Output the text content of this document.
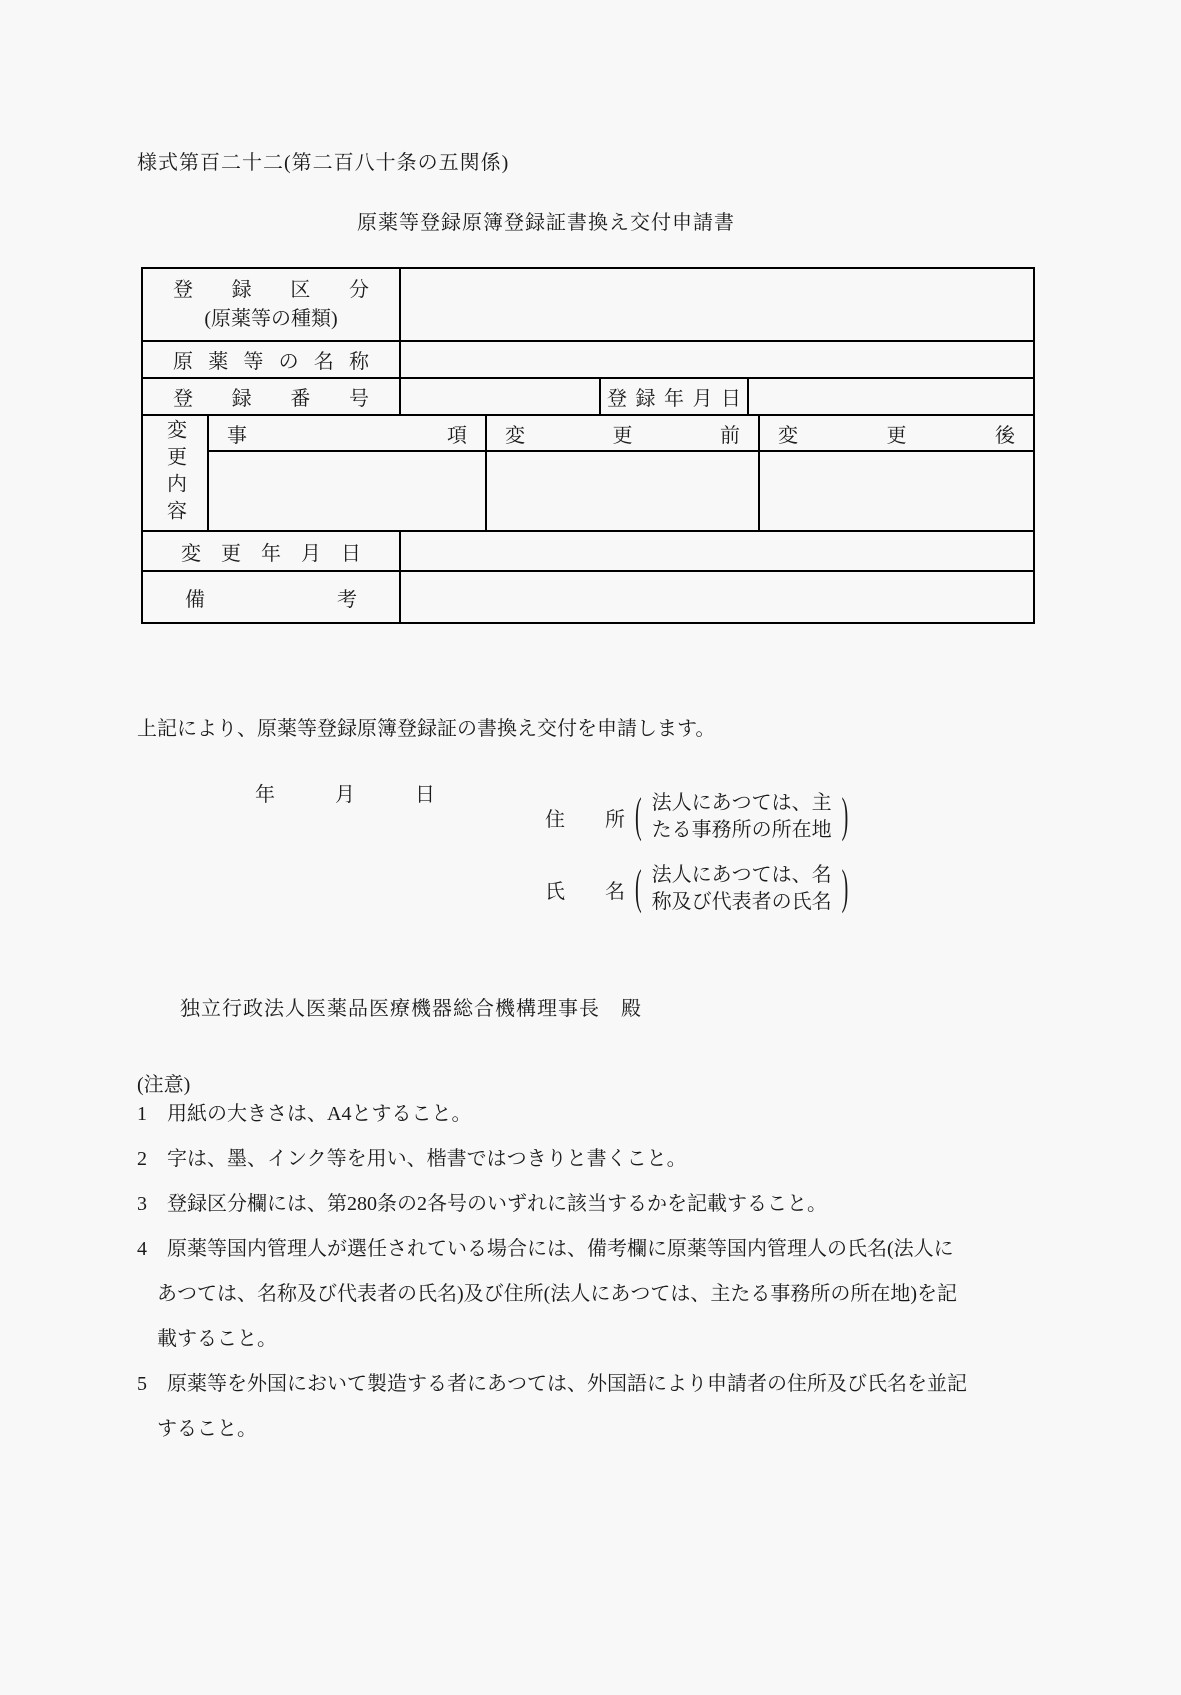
様式第百二十二(第二百八十条の五関係)
原薬等登録原簿登録証書換え交付申請書
登録区分
(原薬等の種類)
原薬等の名称
登録番号	登録年月日
変更内容	事項	変更前	変更後
変更年月日
備考
上記により、原薬等登録原簿登録証の書換え交付を申請します。
年　　　月　　　日
住　　所 ( 法人にあつては、主
たる事務所の所在地 )
氏　　名 ( 法人にあつては、名
称及び代表者の氏名 )
独立行政法人医薬品医療機器総合機構理事長　殿
(注意)
1　用紙の大きさは、A4とすること。
2　字は、墨、インク等を用い、楷書ではつきりと書くこと。
3　登録区分欄には、第280条の2各号のいずれに該当するかを記載すること。
4　原薬等国内管理人が選任されている場合には、備考欄に原薬等国内管理人の氏名(法人にあつては、名称及び代表者の氏名)及び住所(法人にあつては、主たる事務所の所在地)を記載すること。
5　原薬等を外国において製造する者にあつては、外国語により申請者の住所及び氏名を並記すること。
